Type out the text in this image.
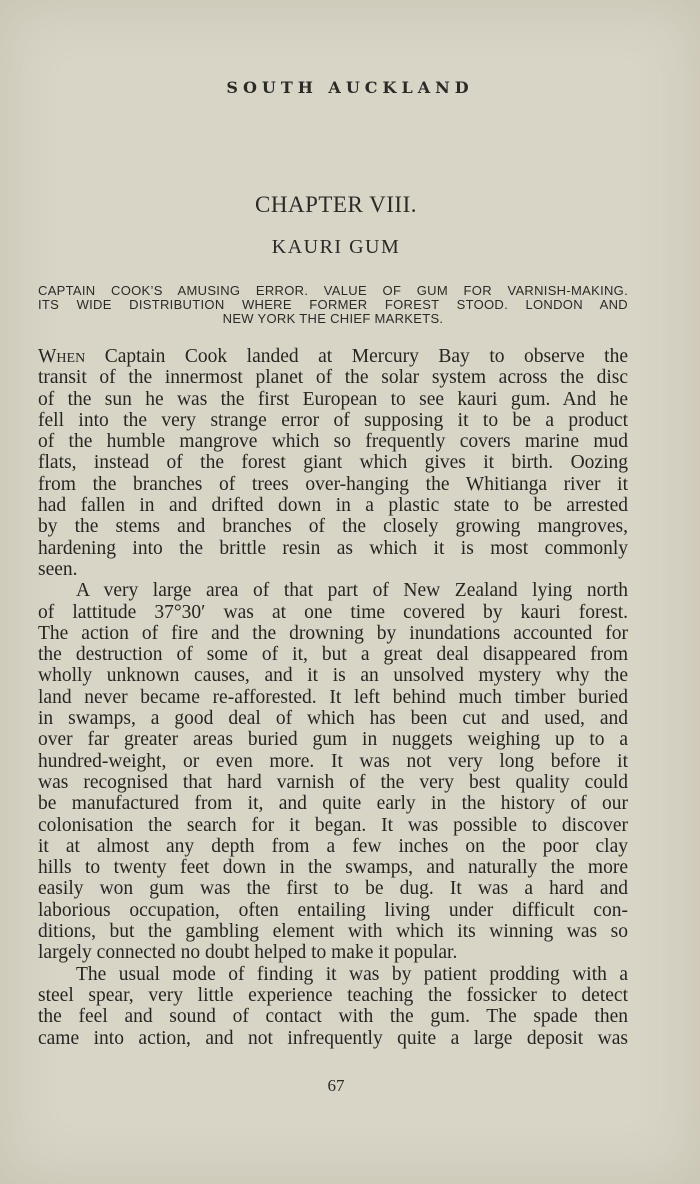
SOUTH AUCKLAND
CHAPTER VIII.
KAURI GUM
CAPTAIN COOK’S AMUSING ERROR. VALUE OF GUM FOR VARNISH-MAKING.
ITS WIDE DISTRIBUTION WHERE FORMER FOREST STOOD. LONDON AND
NEW YORK THE CHIEF MARKETS.
When Captain Cook landed at Mercury Bay to observe the
transit of the innermost planet of the solar system across the disc
of the sun he was the first European to see kauri gum. And he
fell into the very strange error of supposing it to be a product
of the humble mangrove which so frequently covers marine mud
flats, instead of the forest giant which gives it birth. Oozing
from the branches of trees over-hanging the Whitianga river it
had fallen in and drifted down in a plastic state to be arrested
by the stems and branches of the closely growing mangroves,
hardening into the brittle resin as which it is most commonly
seen.
A very large area of that part of New Zealand lying north
of lattitude 37°30′ was at one time covered by kauri forest.
The action of fire and the drowning by inundations accounted for
the destruction of some of it, but a great deal disappeared from
wholly unknown causes, and it is an unsolved mystery why the
land never became re-afforested. It left behind much timber buried
in swamps, a good deal of which has been cut and used, and
over far greater areas buried gum in nuggets weighing up to a
hundred-weight, or even more. It was not very long before it
was recognised that hard varnish of the very best quality could
be manufactured from it, and quite early in the history of our
colonisation the search for it began. It was possible to discover
it at almost any depth from a few inches on the poor clay
hills to twenty feet down in the swamps, and naturally the more
easily won gum was the first to be dug. It was a hard and
laborious occupation, often entailing living under difficult con-
ditions, but the gambling element with which its winning was so
largely connected no doubt helped to make it popular.
The usual mode of finding it was by patient prodding with a
steel spear, very little experience teaching the fossicker to detect
the feel and sound of contact with the gum. The spade then
came into action, and not infrequently quite a large deposit was
67
